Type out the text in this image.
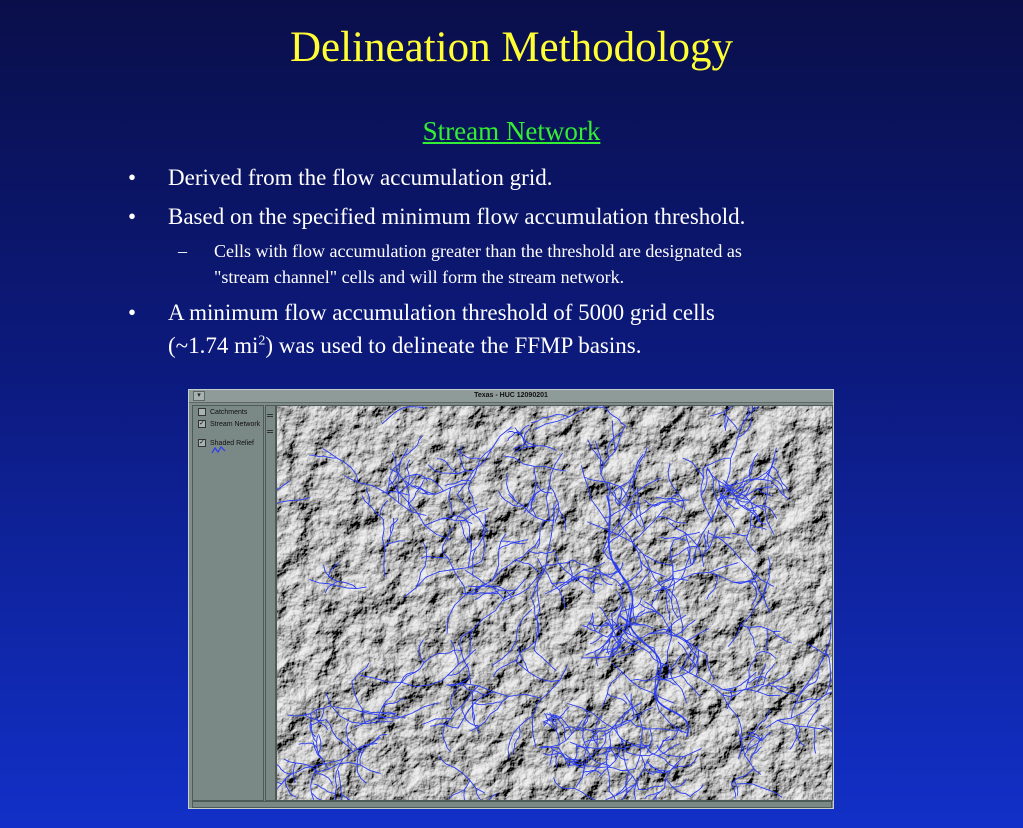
Delineation Methodology
Stream Network
• Derived from the flow accumulation grid.
• Based on the specified minimum flow accumulation threshold.
– Cells with flow accumulation greater than the threshold are designated as
"stream channel" cells and will form the stream network.
• A minimum flow accumulation threshold of 5000 grid cells
(~1.74 $mi^2$) was used to delineate the FFMP basins.
▾	Texas - HUC 12090201
Catchments
✓ Stream Network
✓ Shaded Relief
